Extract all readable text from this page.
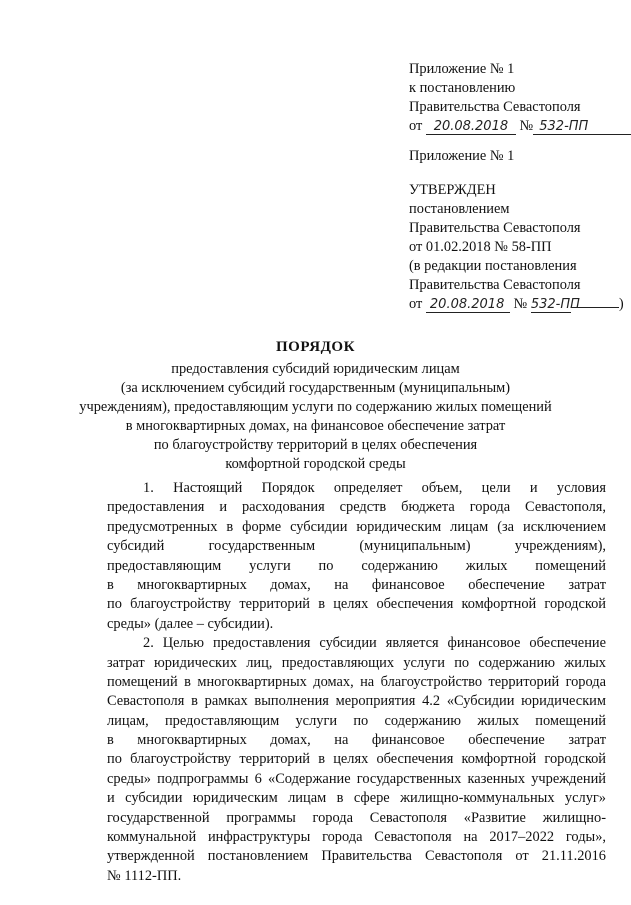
Приложение № 1
к постановлению
Правительства Севастополя
от 20.08.2018 № 532-ПП
Приложение № 1
УТВЕРЖДЕН
постановлением
Правительства Севастополя
от 01.02.2018 № 58-ПП
(в редакции постановления
Правительства Севастополя
от 20.08.2018 № 532-ПП	)
ПОРЯДОК
предоставления субсидий юридическим лицам
(за исключением субсидий государственным (муниципальным)
учреждениям), предоставляющим услуги по содержанию жилых помещений
в многоквартирных домах, на финансовое обеспечение затрат
по благоустройству территорий в целях обеспечения
комфортной городской среды
1. Настоящий Порядок определяет объем, цели и условия
предоставления и расходования средств бюджета города Севастополя,
предусмотренных в форме субсидии юридическим лицам (за исключением
субсидий государственным (муниципальным) учреждениям),
предоставляющим услуги по содержанию жилых помещений
в многоквартирных домах, на финансовое обеспечение затрат
по благоустройству территорий в целях обеспечения комфортной городской
среды» (далее – субсидии).
2. Целью предоставления субсидии является финансовое обеспечение
затрат юридических лиц, предоставляющих услуги по содержанию жилых
помещений в многоквартирных домах, на благоустройство территорий города
Севастополя в рамках выполнения мероприятия 4.2 «Субсидии юридическим
лицам, предоставляющим услуги по содержанию жилых помещений
в многоквартирных домах, на финансовое обеспечение затрат
по благоустройству территорий в целях обеспечения комфортной городской
среды» подпрограммы 6 «Содержание государственных казенных учреждений
и субсидии юридическим лицам в сфере жилищно-коммунальных услуг»
государственной программы города Севастополя «Развитие жилищно-
коммунальной инфраструктуры города Севастополя на 2017–2022 годы»,
утвержденной постановлением Правительства Севастополя от 21.11.2016
№ 1112-ПП.
